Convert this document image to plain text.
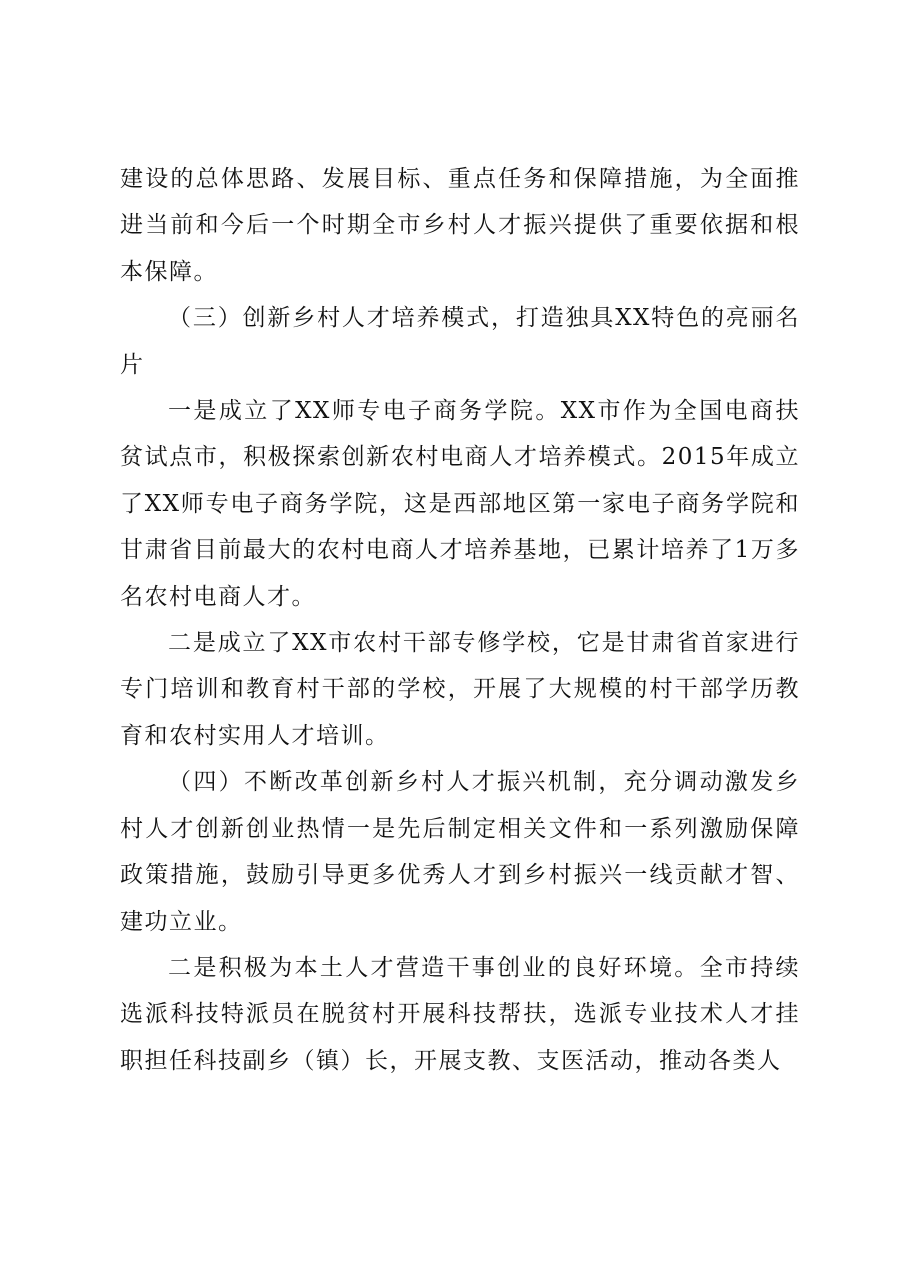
建设的总体思路、发展目标、重点任务和保障措施，为全面推进当前和今后一个时期全市乡村人才振兴提供了重要依据和根本保障。

（三）创新乡村人才培养模式，打造独具XX特色的亮丽名片

一是成立了XX师专电子商务学院。XX市作为全国电商扶贫试点市，积极探索创新农村电商人才培养模式。2015年成立了XX师专电子商务学院，这是西部地区第一家电子商务学院和甘肃省目前最大的农村电商人才培养基地，已累计培养了1万多名农村电商人才。

二是成立了XX市农村干部专修学校，它是甘肃省首家进行专门培训和教育村干部的学校，开展了大规模的村干部学历教育和农村实用人才培训。

（四）不断改革创新乡村人才振兴机制，充分调动激发乡村人才创新创业热情一是先后制定相关文件和一系列激励保障政策措施，鼓励引导更多优秀人才到乡村振兴一线贡献才智、建功立业。

二是积极为本土人才营造干事创业的良好环境。全市持续选派科技特派员在脱贫村开展科技帮扶，选派专业技术人才挂职担任科技副乡（镇）长，开展支教、支医活动，推动各类人
